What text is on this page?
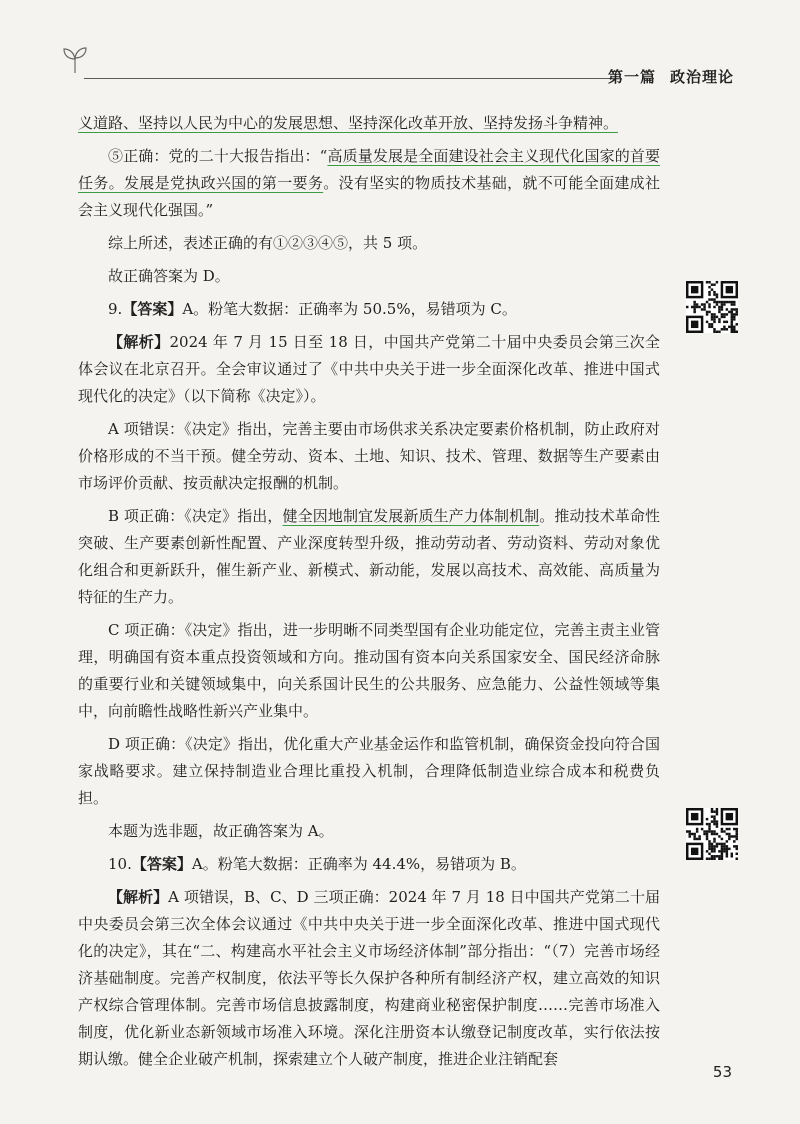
第一篇 政治理论

义道路、坚持以人民为中心的发展思想、坚持深化改革开放、坚持发扬斗争精神。

⑤正确：党的二十大报告指出：“高质量发展是全面建设社会主义现代化国家的首要任务。发展是党执政兴国的第一要务。没有坚实的物质技术基础，就不可能全面建成社会主义现代化强国。”

综上所述，表述正确的有①②③④⑤，共 5 项。

故正确答案为 D。

9.【答案】A。粉笔大数据：正确率为 50.5%，易错项为 C。

【解析】2024 年 7 月 15 日至 18 日，中国共产党第二十届中央委员会第三次全体会议在北京召开。全会审议通过了《中共中央关于进一步全面深化改革、推进中国式现代化的决定》（以下简称《决定》）。

A 项错误：《决定》指出，完善主要由市场供求关系决定要素价格机制，防止政府对价格形成的不当干预。健全劳动、资本、土地、知识、技术、管理、数据等生产要素由市场评价贡献、按贡献决定报酬的机制。

B 项正确：《决定》指出，健全因地制宜发展新质生产力体制机制。推动技术革命性突破、生产要素创新性配置、产业深度转型升级，推动劳动者、劳动资料、劳动对象优化组合和更新跃升，催生新产业、新模式、新动能，发展以高技术、高效能、高质量为特征的生产力。

C 项正确：《决定》指出，进一步明晰不同类型国有企业功能定位，完善主责主业管理，明确国有资本重点投资领域和方向。推动国有资本向关系国家安全、国民经济命脉的重要行业和关键领域集中，向关系国计民生的公共服务、应急能力、公益性领域等集中，向前瞻性战略性新兴产业集中。

D 项正确：《决定》指出，优化重大产业基金运作和监管机制，确保资金投向符合国家战略要求。建立保持制造业合理比重投入机制，合理降低制造业综合成本和税费负担。

本题为选非题，故正确答案为 A。

10.【答案】A。粉笔大数据：正确率为 44.4%，易错项为 B。

【解析】A 项错误，B、C、D 三项正确：2024 年 7 月 18 日中国共产党第二十届中央委员会第三次全体会议通过《中共中央关于进一步全面深化改革、推进中国式现代化的决定》，其在“二、构建高水平社会主义市场经济体制”部分指出：“（7）完善市场经济基础制度。完善产权制度，依法平等长久保护各种所有制经济产权，建立高效的知识产权综合管理体制。完善市场信息披露制度，构建商业秘密保护制度……完善市场准入制度，优化新业态新领域市场准入环境。深化注册资本认缴登记制度改革，实行依法按期认缴。健全企业破产机制，探索建立个人破产制度，推进企业注销配套

53
